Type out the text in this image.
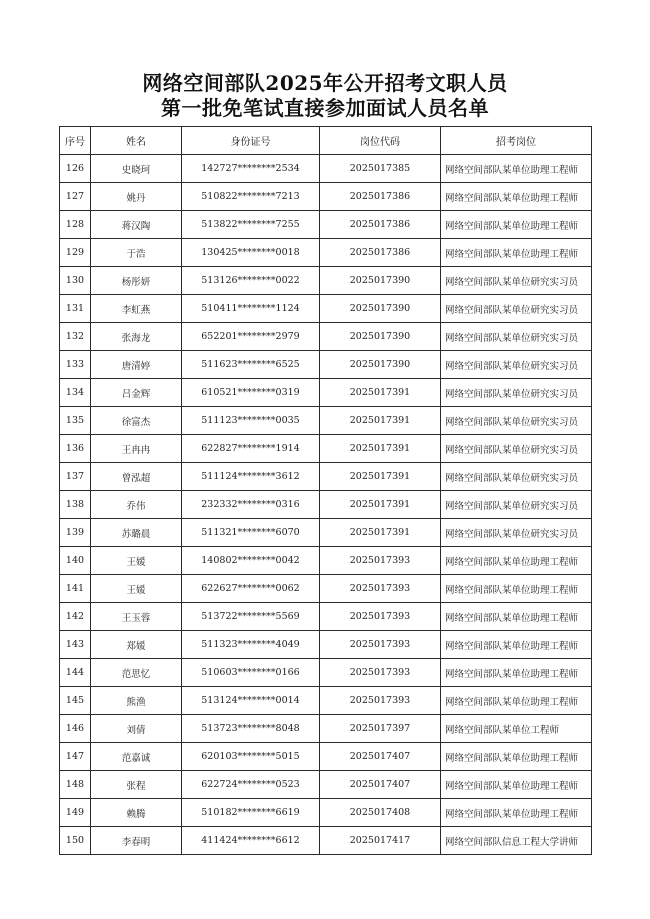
网络空间部队2025年公开招考文职人员
第一批免笔试直接参加面试人员名单
序号	姓名	身份证号	岗位代码	招考岗位
126	史晓珂	142727********2534	2025017385	网络空间部队某单位助理工程师
127	姚丹	510822********7213	2025017386	网络空间部队某单位助理工程师
128	蒋汉陶	513822********7255	2025017386	网络空间部队某单位助理工程师
129	于浩	130425********0018	2025017386	网络空间部队某单位助理工程师
130	杨彤妍	513126********0022	2025017390	网络空间部队某单位研究实习员
131	李虹燕	510411********1124	2025017390	网络空间部队某单位研究实习员
132	张海龙	652201********2979	2025017390	网络空间部队某单位研究实习员
133	唐清婷	511623********6525	2025017390	网络空间部队某单位研究实习员
134	吕金辉	610521********0319	2025017391	网络空间部队某单位研究实习员
135	徐富杰	511123********0035	2025017391	网络空间部队某单位研究实习员
136	王冉冉	622827********1914	2025017391	网络空间部队某单位研究实习员
137	曾泓超	511124********3612	2025017391	网络空间部队某单位研究实习员
138	乔伟	232332********0316	2025017391	网络空间部队某单位研究实习员
139	苏璐晨	511321********6070	2025017391	网络空间部队某单位研究实习员
140	王媛	140802********0042	2025017393	网络空间部队某单位助理工程师
141	王媛	622627********0062	2025017393	网络空间部队某单位助理工程师
142	王玉蓉	513722********5569	2025017393	网络空间部队某单位助理工程师
143	郑媛	511323********4049	2025017393	网络空间部队某单位助理工程师
144	范思忆	510603********0166	2025017393	网络空间部队某单位助理工程师
145	熊渔	513124********0014	2025017393	网络空间部队某单位助理工程师
146	刘倩	513723********8048	2025017397	网络空间部队某单位工程师
147	范嘉诚	620103********5015	2025017407	网络空间部队某单位助理工程师
148	张程	622724********0523	2025017407	网络空间部队某单位助理工程师
149	赖腾	510182********6619	2025017408	网络空间部队某单位助理工程师
150	李春明	411424********6612	2025017417	网络空间部队信息工程大学讲师
